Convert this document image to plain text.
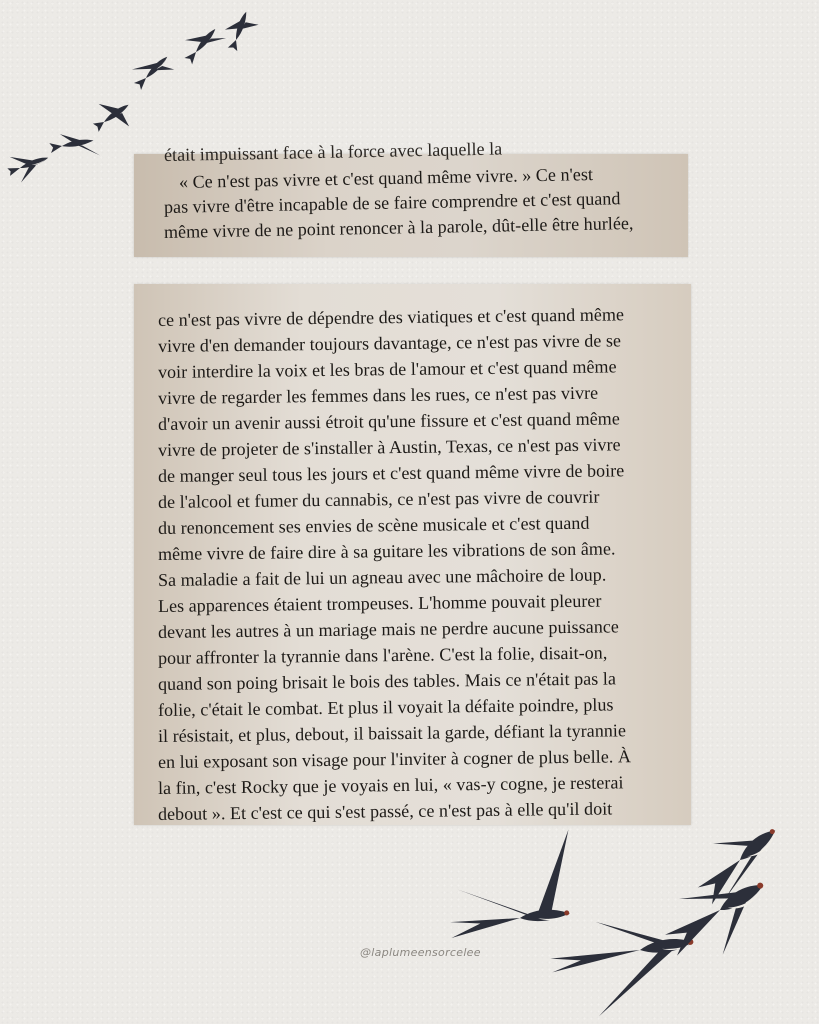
était impuissant face à la force avec laquelle la
« Ce n'est pas vivre et c'est quand même vivre. » Ce n'est
pas vivre d'être incapable de se faire comprendre et c'est quand
même vivre de ne point renoncer à la parole, dût-elle être hurlée,
ce n'est pas vivre de dépendre des viatiques et c'est quand même
vivre d'en demander toujours davantage, ce n'est pas vivre de se
voir interdire la voix et les bras de l'amour et c'est quand même
vivre de regarder les femmes dans les rues, ce n'est pas vivre
d'avoir un avenir aussi étroit qu'une fissure et c'est quand même
vivre de projeter de s'installer à Austin, Texas, ce n'est pas vivre
de manger seul tous les jours et c'est quand même vivre de boire
de l'alcool et fumer du cannabis, ce n'est pas vivre de couvrir
du renoncement ses envies de scène musicale et c'est quand
même vivre de faire dire à sa guitare les vibrations de son âme.
Sa maladie a fait de lui un agneau avec une mâchoire de loup.
Les apparences étaient trompeuses. L'homme pouvait pleurer
devant les autres à un mariage mais ne perdre aucune puissance
pour affronter la tyrannie dans l'arène. C'est la folie, disait-on,
quand son poing brisait le bois des tables. Mais ce n'était pas la
folie, c'était le combat. Et plus il voyait la défaite poindre, plus
il résistait, et plus, debout, il baissait la garde, défiant la tyrannie
en lui exposant son visage pour l'inviter à cogner de plus belle. À
la fin, c'est Rocky que je voyais en lui, « vas-y cogne, je resterai
debout ». Et c'est ce qui s'est passé, ce n'est pas à elle qu'il doit
@laplumeensorcelee
